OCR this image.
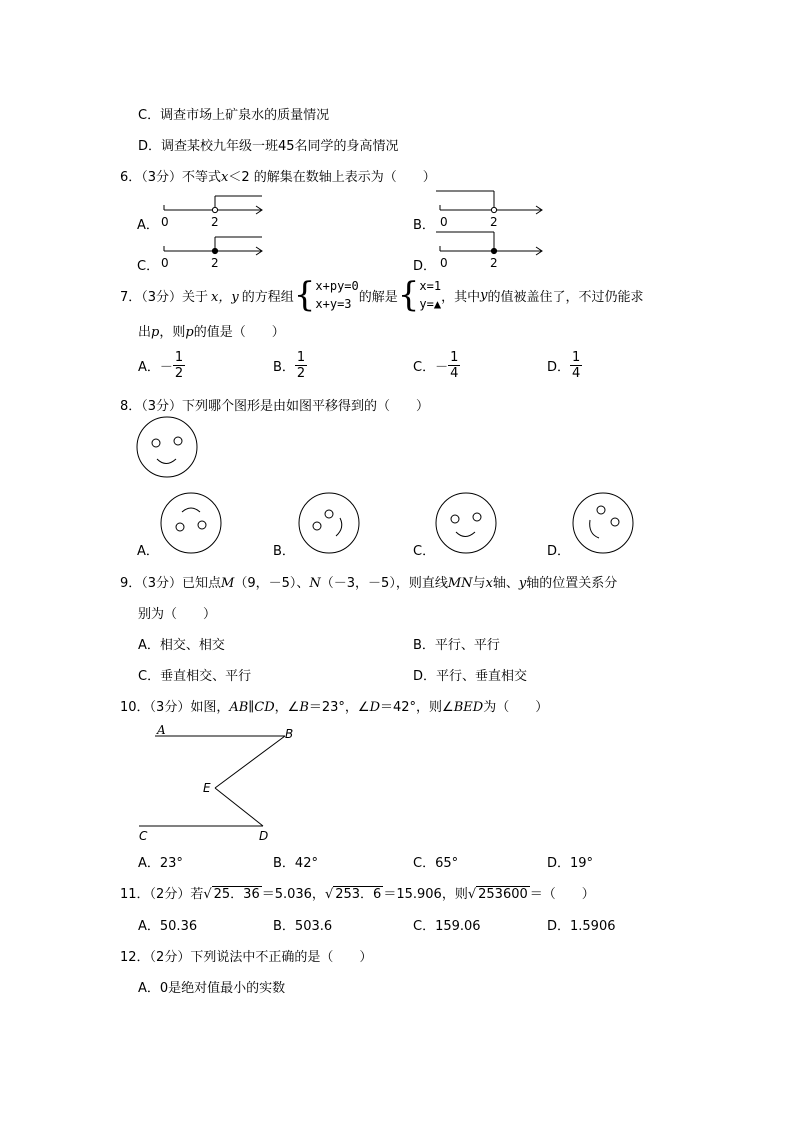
C．调查市场上矿泉水的质量情况
D．调查某校九年级一班45名同学的身高情况
6．（3分）不等式x＜2 的解集在数轴上表示为（　　）
A．	B．
C．	D．
0	2	0	2
0	2	0	2
7．（3分）关于 x，y 的方程组 { x+py=0
x+y=3 的解是 { x=1
y=▲ ，其中 y 的值被盖住了，不过仍能求
出p，则p的值是（　　）
A．－ $\frac{1}{2}$	B． $\frac{1}{2}$	C．－ $\frac{1}{4}$	D． $\frac{1}{4}$
8．（3分）下列哪个图形是由如图平移得到的（　　）
A．	B．	C．	D．
9．（3分）已知点M（9，－5）、N（－3，－5），则直线MN与x轴、y轴的位置关系分
别为（　　）
A．相交、相交	B．平行、平行
C．垂直相交、平行	D．平行、垂直相交
10．（3分）如图，AB∥CD，∠B＝23°，∠D＝42°，则∠BED为（　　）
A	B
E
C	D
A．23°	B．42°	C．65°	D．19°
11．（2分）若√ 25．36 ＝5.036，√ 253．6 ＝15.906，则√ 253600 ＝（　　）
A．50.36	B．503.6	C．159.06	D．1.5906
12．（2分）下列说法中不正确的是（　　）
A．0是绝对值最小的实数
